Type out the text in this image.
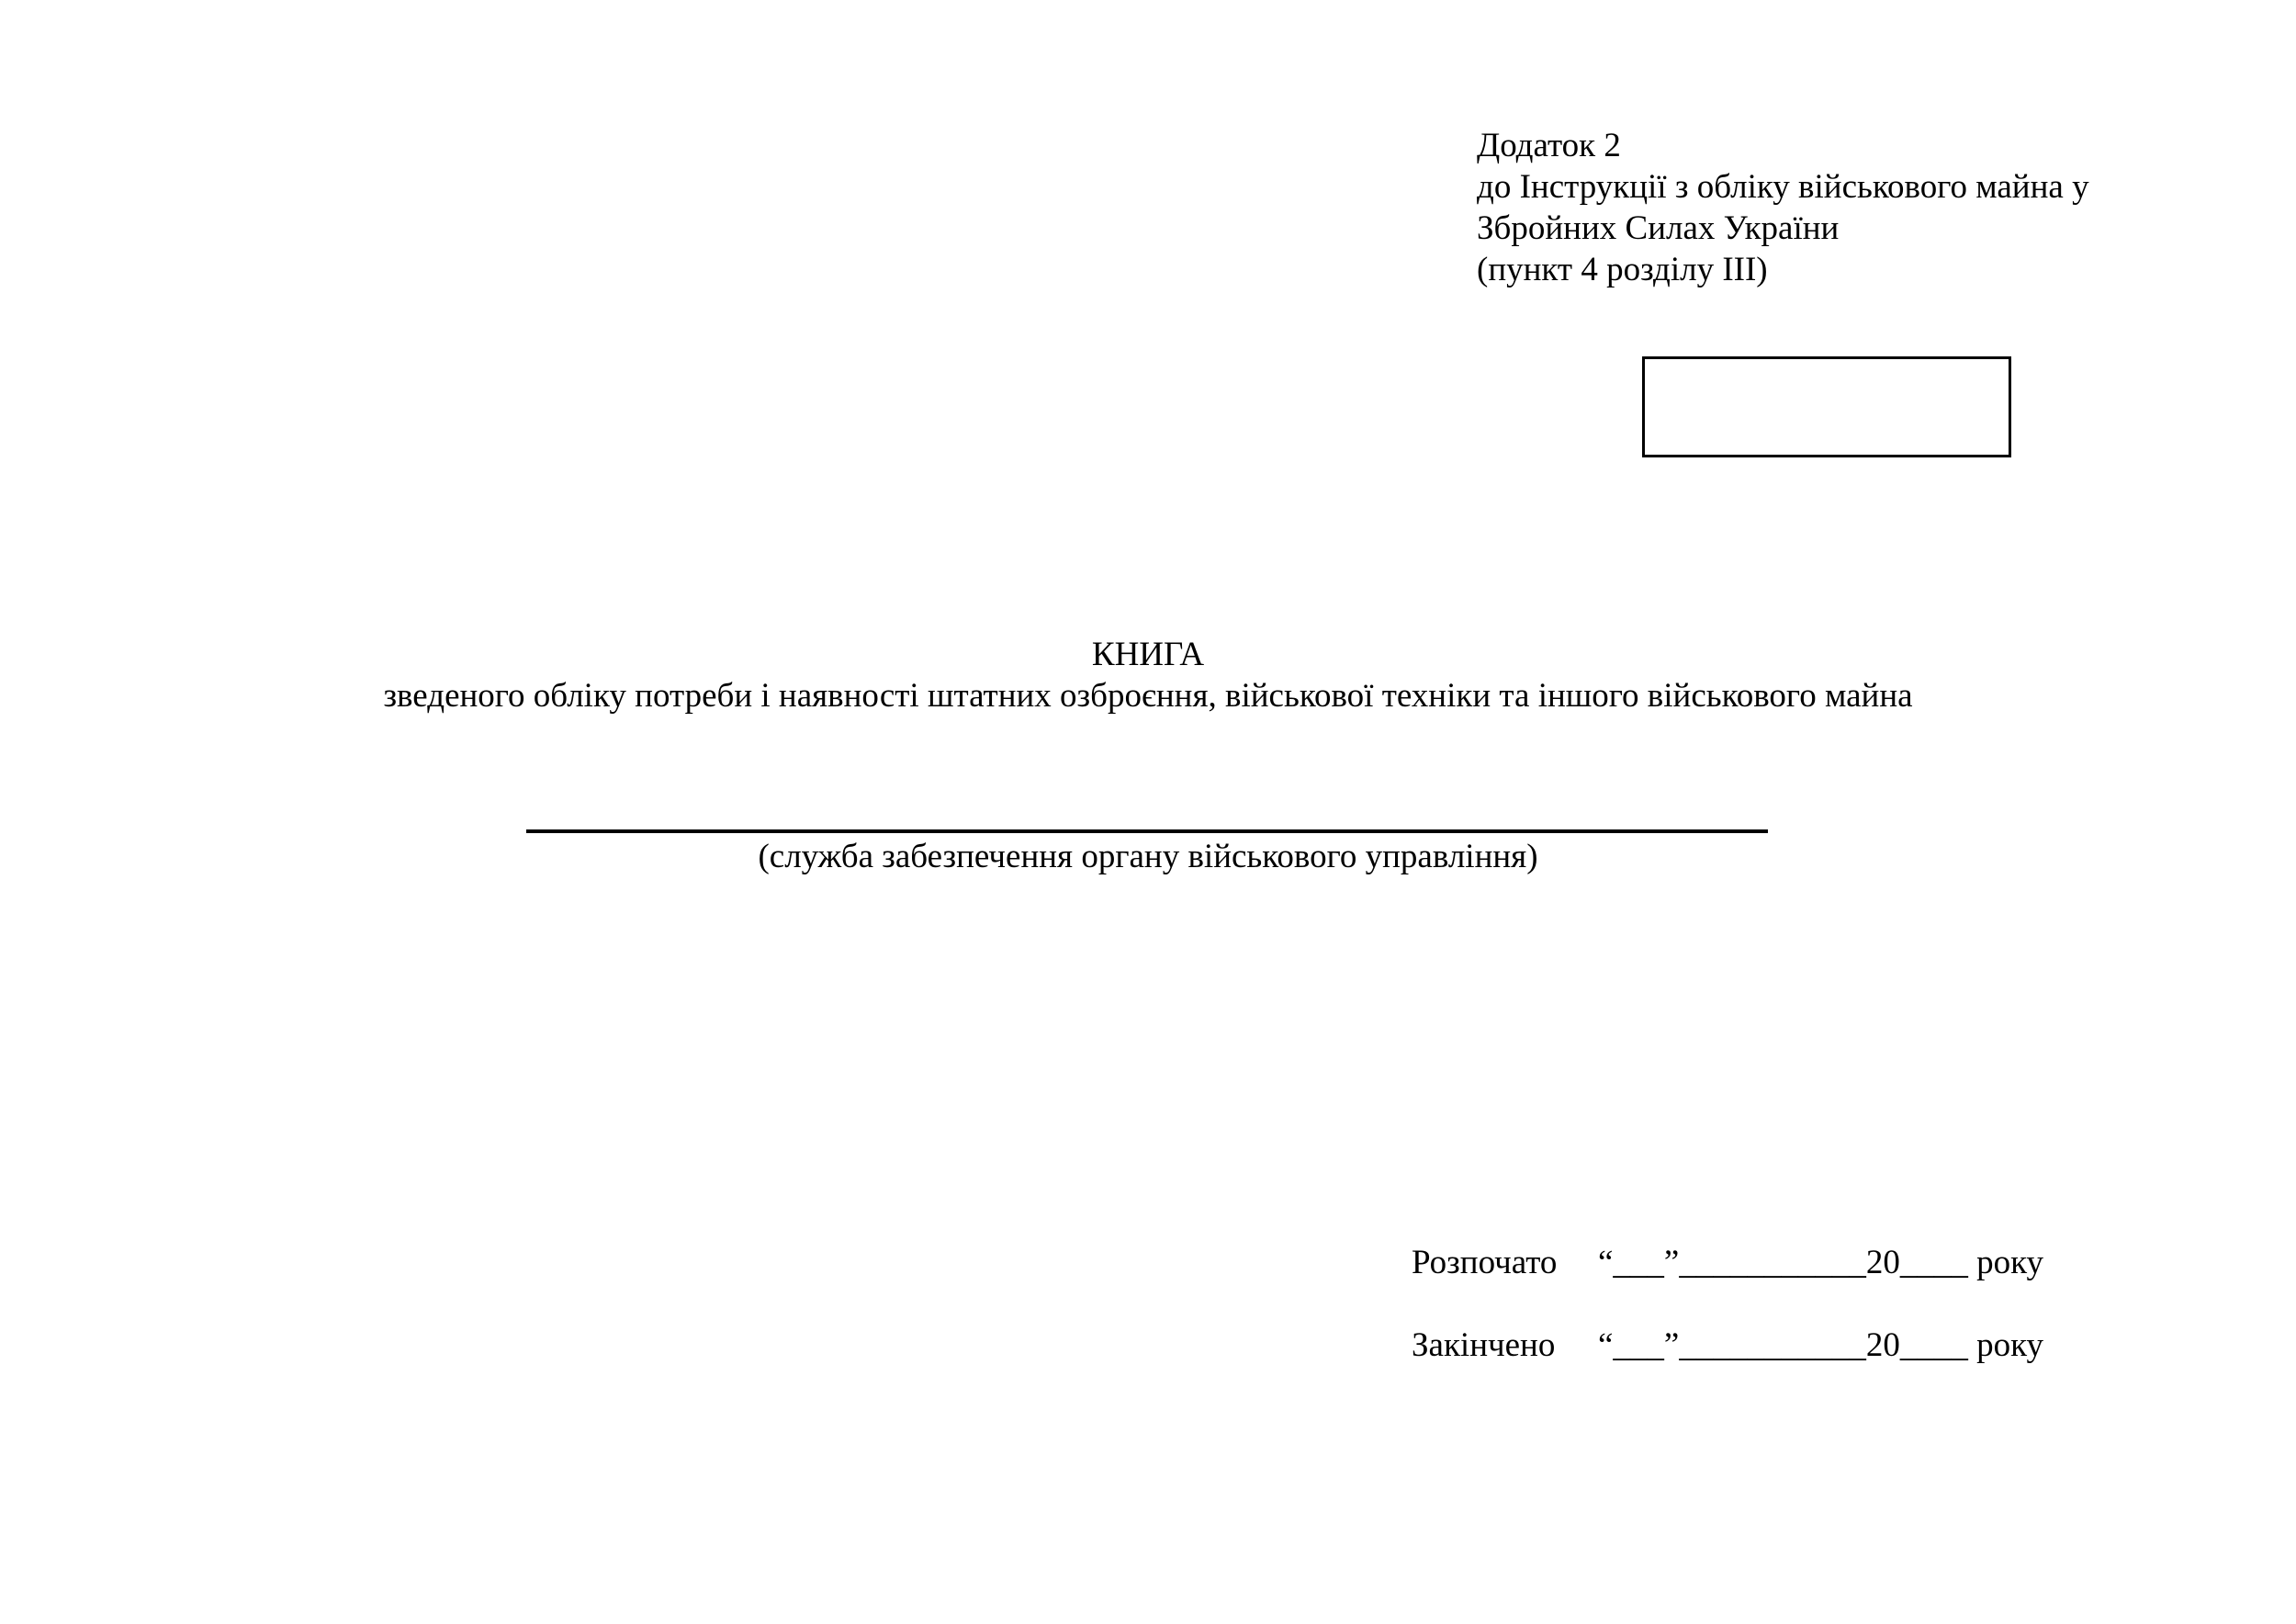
Додаток 2
до Інструкції з обліку військового майна у
Збройних Силах України
(пункт 4 розділу III)
КНИГА
зведеного обліку потреби і наявності штатних озброєння, військової техніки та іншого військового майна
(служба забезпечення органу військового управління)
Розпочато	“___”___________20____ року
Закінчено	“___”___________20____ року
